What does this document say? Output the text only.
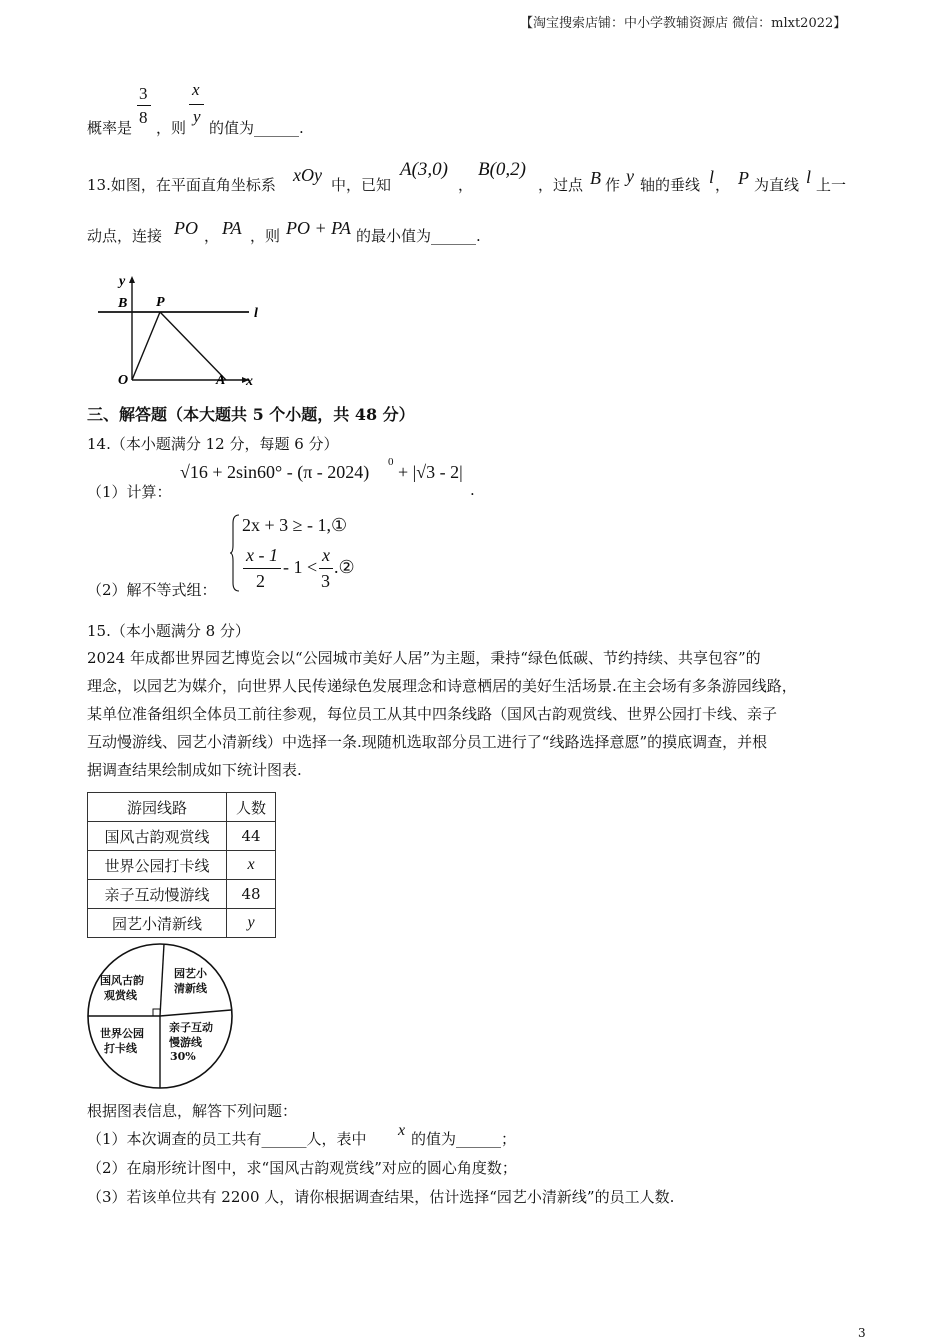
【淘宝搜索店铺：中小学教辅资源店 微信：mlxt2022】
3
8
x
y
概率是 ，则 的值为______.
13.如图，在平面直角坐标系 xOy 中，已知
A(3,0)
，
B(0,2)
，过点 B 作 y 轴的垂线 l ， P 为直线 l 上一
动点，连接 PO ， PA ，则 PO + PA 的最小值为______.
y
B P
l
O	A x
三、解答题（本大题共 5 个小题，共 48 分）
14.（本小题满分 12 分，每题 6 分）
（1）计算：
√16 + 2sin60° - (π - 2024) 0 + |√3 - 2|
.
（2）解不等式组：
2x + 3 ≥ - 1,①
x - 1
2
- 1 <
x
3
.②
15.（本小题满分 8 分）
2024 年成都世界园艺博览会以“公园城市美好人居”为主题，秉持“绿色低碳、节约持续、共享包容”的
理念，以园艺为媒介，向世界人民传递绿色发展理念和诗意栖居的美好生活场景.在主会场有多条游园线路，
某单位准备组织全体员工前往参观，每位员工从其中四条线路（国风古韵观赏线、世界公园打卡线、亲子
互动慢游线、园艺小清新线）中选择一条.现随机选取部分员工进行了“线路选择意愿”的摸底调查，并根
据调查结果绘制成如下统计图表.
游园线路	人数
国风古韵观赏线	44
世界公园打卡线	x
亲子互动慢游线	48
园艺小清新线	y
国风古韵
观赏线
园艺小
清新线
世界公园
打卡线
亲子互动
慢游线
30%
根据图表信息，解答下列问题：
（1）本次调查的员工共有______人，表中 x 的值为______；
（2）在扇形统计图中，求“国风古韵观赏线”对应的圆心角度数；
（3）若该单位共有 2200 人，请你根据调查结果，估计选择“园艺小清新线”的员工人数.
3
